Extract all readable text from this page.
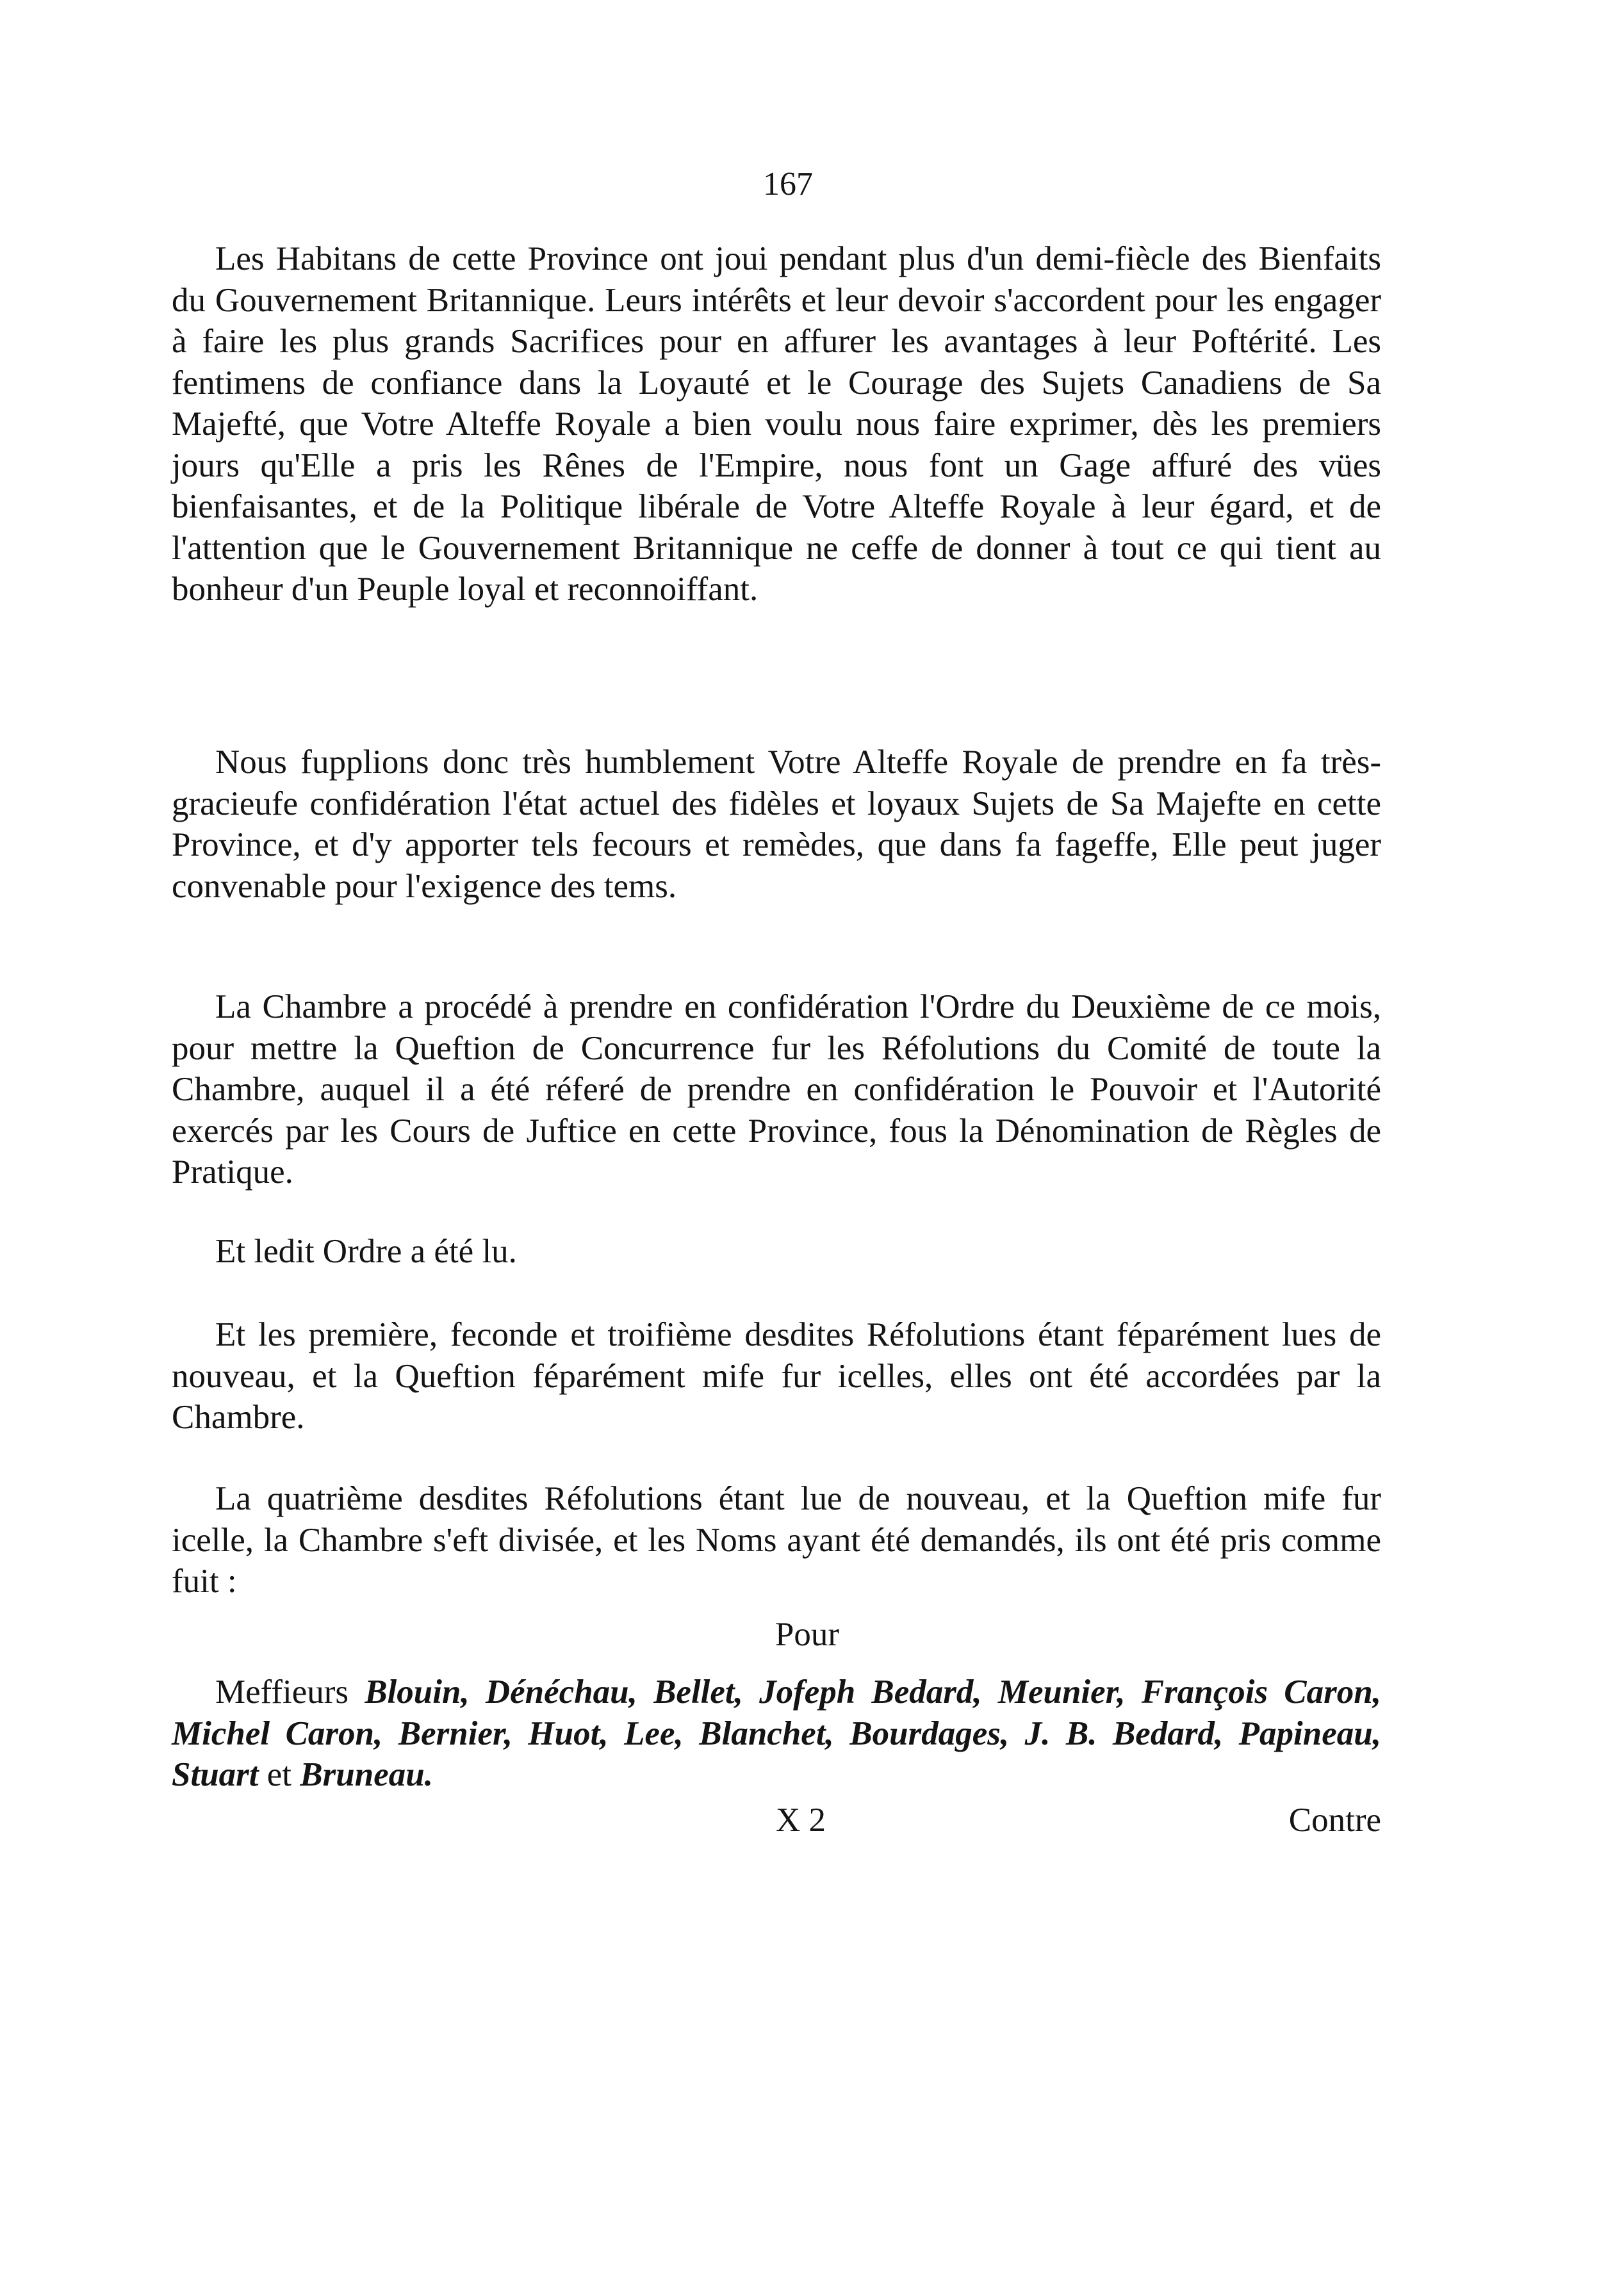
167

Les Habitans de cette Province ont joui pendant plus d'un demi-fiècle des Bienfaits du Gouvernement Britannique. Leurs intérêts et leur devoir s'accordent pour les engager à faire les plus grands Sacrifices pour en affurer les avantages à leur Poftérité. Les fentimens de confiance dans la Loyauté et le Courage des Sujets Canadiens de Sa Majefté, que Votre Alteffe Royale a bien voulu nous faire exprimer, dès les premiers jours qu'Elle a pris les Rênes de l'Empire, nous font un Gage affuré des vües bienfaisantes, et de la Politique libérale de Votre Alteffe Royale à leur égard, et de l'attention que le Gouvernement Britannique ne ceffe de donner à tout ce qui tient au bonheur d'un Peuple loyal et reconnoiffant.

Nous fupplions donc très humblement Votre Alteffe Royale de prendre en fa très-gracieufe confidération l'état actuel des fidèles et loyaux Sujets de Sa Majefte en cette Province, et d'y apporter tels fecours et remèdes, que dans fa fageffe, Elle peut juger convenable pour l'exigence des tems.

La Chambre a procédé à prendre en confidération l'Ordre du Deuxième de ce mois, pour mettre la Queftion de Concurrence fur les Réfolutions du Comité de toute la Chambre, auquel il a été réferé de prendre en confidération le Pouvoir et l'Autorité exercés par les Cours de Juftice en cette Province, fous la Dénomination de Règles de Pratique.

Et ledit Ordre a été lu.

Et les première, feconde et troifième desdites Réfolutions étant féparément lues de nouveau, et la Queftion féparément mife fur icelles, elles ont été accordées par la Chambre.

La quatrième desdites Réfolutions étant lue de nouveau, et la Queftion mife fur icelle, la Chambre s'eft divisée, et les Noms ayant été demandés, ils ont été pris comme fuit :

Pour

Meffieurs Blouin, Dénéchau, Bellet, Jofeph Bedard, Meunier, François Caron, Michel Caron, Bernier, Huot, Lee, Blanchet, Bourdages, J. B. Bedard, Papineau, Stuart et Bruneau.

X 2	Contre
